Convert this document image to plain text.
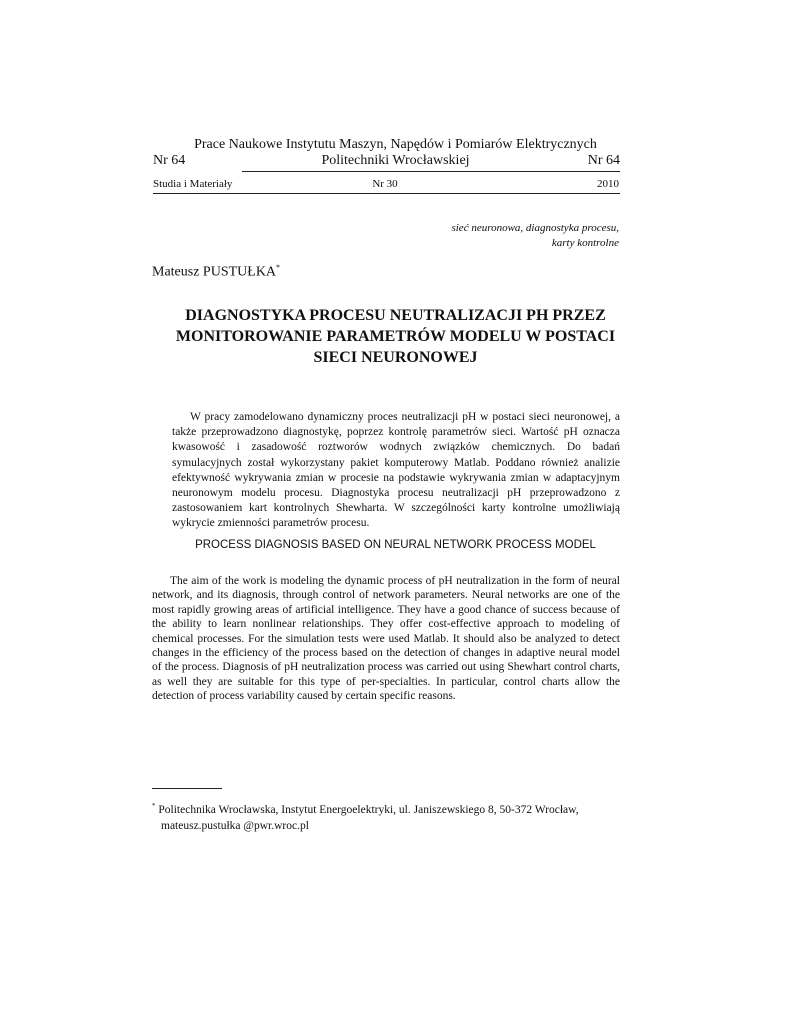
Prace Naukowe Instytutu Maszyn, Napędów i Pomiarów Elektrycznych
Nr 64	Politechniki Wrocławskiej	Nr 64
Studia i Materiały	Nr 30	2010
sieć neuronowa, diagnostyka procesu,
karty kontrolne
Mateusz PUSTUŁKA*
DIAGNOSTYKA PROCESU NEUTRALIZACJI PH PRZEZ
MONITOROWANIE PARAMETRÓW MODELU W POSTACI
SIECI NEURONOWEJ
W pracy zamodelowano dynamiczny proces neutralizacji pH w postaci sieci neuronowej, a także przeprowadzono diagnostykę, poprzez kontrolę parametrów sieci. Wartość pH oznacza kwasowość i zasadowość roztworów wodnych związków chemicznych. Do badań symulacyjnych został wykorzystany pakiet komputerowy Matlab. Poddano również analizie efektywność wykrywania zmian w procesie na podstawie wykrywania zmian w adaptacyjnym neuronowym modelu procesu. Diagnostyka procesu neutralizacji pH przeprowadzono z zastosowaniem kart kontrolnych Shewharta. W szczególności karty kontrolne umożliwiają wykrycie zmienności parametrów procesu.
PROCESS DIAGNOSIS BASED ON NEURAL NETWORK PROCESS MODEL
The aim of the work is modeling the dynamic process of pH neutralization in the form of neural network, and its diagnosis, through control of network parameters. Neural networks are one of the most rapidly growing areas of artificial intelligence. They have a good chance of success because of the ability to learn nonlinear relationships. They offer cost-effective approach to modeling of chemical processes. For the simulation tests were used Matlab. It should also be analyzed to detect changes in the efficiency of the process based on the detection of changes in adaptive neural model of the process. Diagnosis of pH neutralization process was carried out using Shewhart control charts, as well they are suitable for this type of per-specialties. In particular, control charts allow the detection of process variability caused by certain specific reasons.
* Politechnika Wrocławska, Instytut Energoelektryki, ul. Janiszewskiego 8, 50-372 Wrocław,
mateusz.pustułka @pwr.wroc.pl
